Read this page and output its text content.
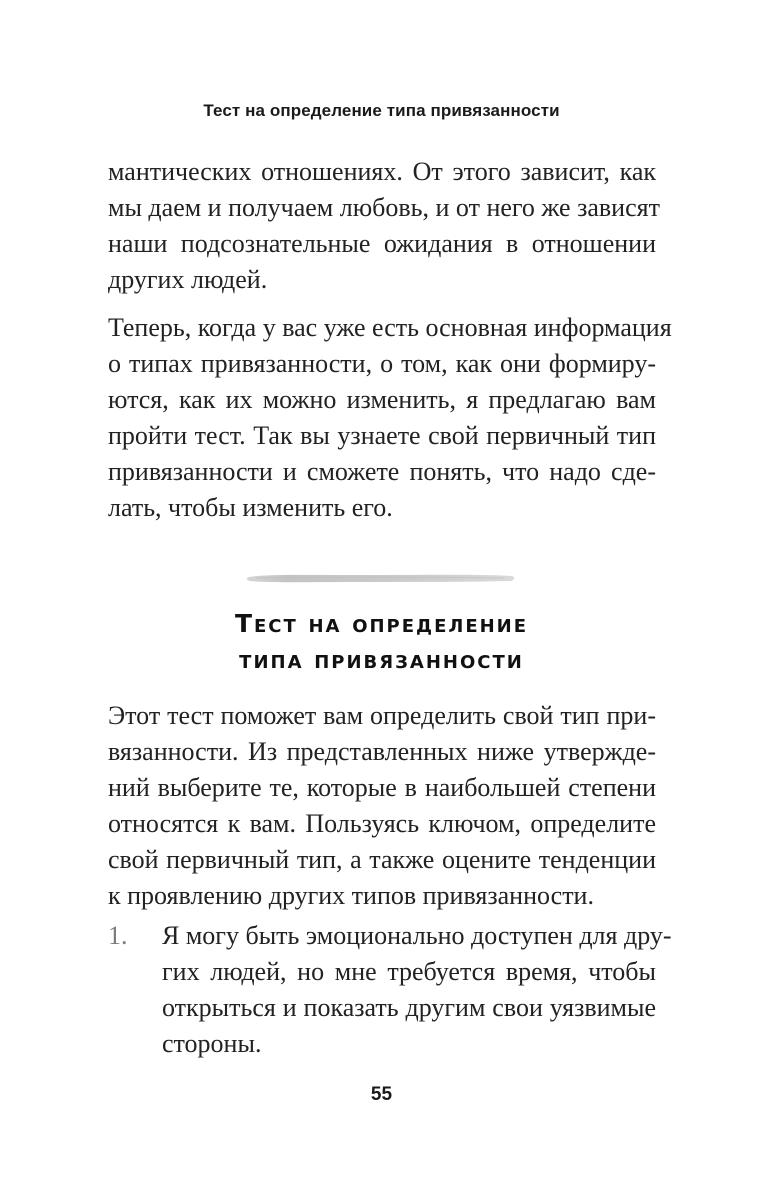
Тест на определение типа привязанности
мантических отношениях. От этого зависит, как
мы даем и получаем любовь, и от него же зависят
наши подсознательные ожидания в отношении
других людей.
Теперь, когда у вас уже есть основная информация
о типах привязанности, о том, как они формиру-
ются, как их можно изменить, я предлагаю вам
пройти тест. Так вы узнаете свой первичный тип
привязанности и сможете понять, что надо сде-
лать, чтобы изменить его.
Тест на определение
типа привязанности
Этот тест поможет вам определить свой тип при-
вязанности. Из представленных ниже утвержде-
ний выберите те, которые в наибольшей степени
относятся к вам. Пользуясь ключом, определите
свой первичный тип, а также оцените тенденции
к проявлению других типов привязанности.
1. Я могу быть эмоционально доступен для дру-
гих людей, но мне требуется время, чтобы
открыться и показать другим свои уязвимые
стороны.
55
